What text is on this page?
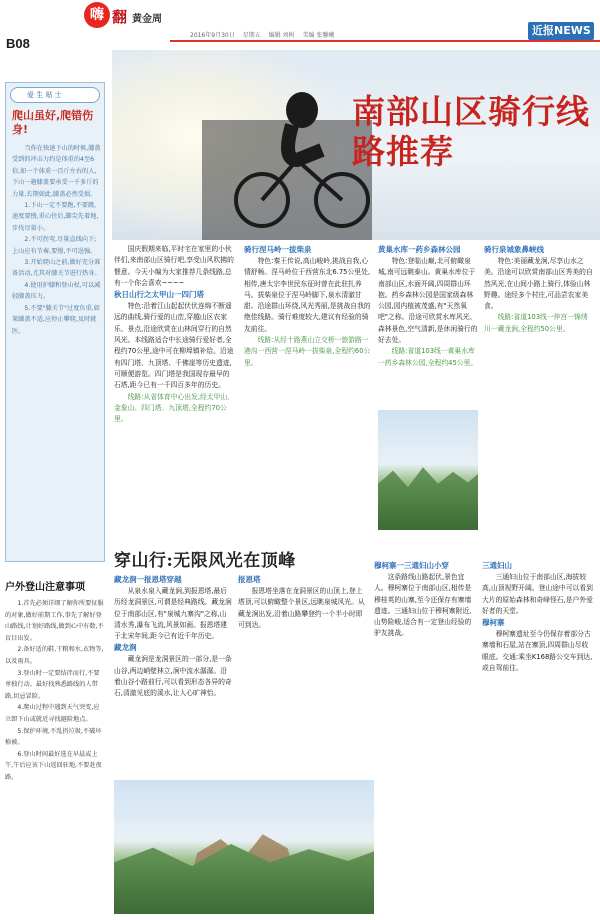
B08
嗨 翻 黄金周
2016年9月30日 星期五 编辑 刘树 美编 张馨曦	近报NEWS
爱 生 贴 士
爬山虽好,爬错伤身!

当你在快速下山的时候,膝盖受到的冲击力约是体重的4至6倍,如一个体重一百斤左右的人,下山一趟膝盖要承受一千多斤的力量,长期如此,膝盖必然受损。

1.下山一定不要跑,不要跳,速度要慢,重心往后,脚尖先着地,步伐尽量小。

2.不可拐弯,尽量直线向下;上山应有节奏,要慢,不可逞强。

3.开始爬山之前,做好充分准备活动,尤其对膝关节进行热身。

4.使用护膝和登山杖,可以减轻膝盖压力。

5.不要"膝关节"过度负重,如果膝盖不适,应停止攀爬,及时就医。

户外登山注意事项

1.首先必须详细了解你所要征服的对象,做好前期工作,事先了解好登山路线,计划好路线,做到心中有数,不盲目出发。

2.备好适的鞋,干粮和水,衣物等,以及雨具。

3.登山时一定要结伴而行,不要单独行动。最好找熟悉路线的人带路,切忌冒险。

4.爬山过程中遇到天气突变,应立即下山或就近寻找避险地点。

5.保护环境,不乱扔垃圾,不破坏植被。

6.登山时间最好选在早晨或上午,午后应该下山返回驻地,不要赶夜路。

南部山区骑行线路推荐

国庆假期来临,平时宅在家里的小伙伴们,来南部山区骑行吧,享受山风吹拂的惬意。今天小编为大家推荐几条线路,总有一个你会喜欢~~~~

秋日山行之太甲山一四门塔

特色:沿着江山起起伏伏连绵不断遥远的曲线,骑行爱的山峦,穿越山区农家乐、景点,沿途欣赏在山林间穿行的自然风光。本线路适合中长途骑行爱好者,全程约70公里,途中可在柳埠镇补给。沿途有四门塔、九顶塔、千佛崖等历史遗迹,可顺便游览。四门塔是我国现存最早的石塔,距今已有一千四百多年的历史。

线路:从省体育中心出发,经太甲山、金象山、四门塔、九顶塔,全程约70公里。

骑行涅马岭一拔柴泉

特色:秦王传说,高山峻岭,挑战自我,心情舒畅。涅马岭位于西营东北6.75公里处,相传,唐太宗李世民东征时曾在此驻扎养马。拔柴泉位于涅马岭脚下,泉水清澈甘甜。沿途群山环绕,风光秀丽,是挑战自我的绝佳线路。骑行难度较大,建议有经验的骑友前往。

线路:从经十路燕山立交桥一旅游路一港沟一西营一涅马岭一拔柴泉,全程约60公里。

黄巢水库一药乡森林公园

特色:登临山巅,北可俯瞰泉城,南可远眺泰山。黄巢水库位于南部山区,水面开阔,四周群山环抱。药乡森林公园是国家级森林公园,园内植被茂盛,有"天然氧吧"之称。沿途可欣赏水库风光、森林景色,空气清新,是休闲骑行的好去处。

线路:省道103线一黄巢水库一药乡森林公园,全程约45公里。

骑行泉城象鼻峡线

特色:美丽藏龙涧,尽享山水之美。沿途可以欣赏南部山区秀美的自然风光,在山间小路上骑行,体验山林野趣。途经多个村庄,可品尝农家美食。

线路:省道103线一仲宫一锦绣川一藏龙涧,全程约50公里。

穿山行:无限风光在顶峰
藏龙涧一报恩塔穿越

从泉水泉入藏龙涧,到报恩塔,最后历经龙洞景区,可谓是经典路线。藏龙涧位于南部山区,有"泉城九寨沟"之称,山清水秀,瀑布飞流,风景如画。报恩塔建于北宋年间,距今已有近千年历史。

藏龙涧

藏龙涧是龙洞景区的一部分,是一条山谷,两边峭壁林立,涧中流水潺潺。沿着山谷小路前行,可以看到形态各异的奇石,清澈见底的溪水,让人心旷神怡。

报恩塔

报恩塔坐落在龙洞景区的山顶上,登上塔顶,可以俯瞰整个景区,远眺泉城风光。从藏龙涧出发,沿着山路攀登约一个半小时即可到达。

穆柯寨一三通妇山小穿

这条路线山路起伏,景色宜人。穆柯寨位于南部山区,相传是穆桂英的山寨,至今还保存有寨墙遗迹。三通妇山位于穆柯寨附近,山势险峻,适合有一定登山经验的驴友挑战。

三通妇山

三通妇山位于南部山区,海拔较高,山顶视野开阔。登山途中可以看到大片的原始森林和奇峰怪石,是户外爱好者的天堂。

穆柯寨

穆柯寨遗址至今仍保存着部分古寨墙和石屋,站在寨顶,四周群山尽收眼底。交通:乘坐K168路公交车到达,或自驾前往。
